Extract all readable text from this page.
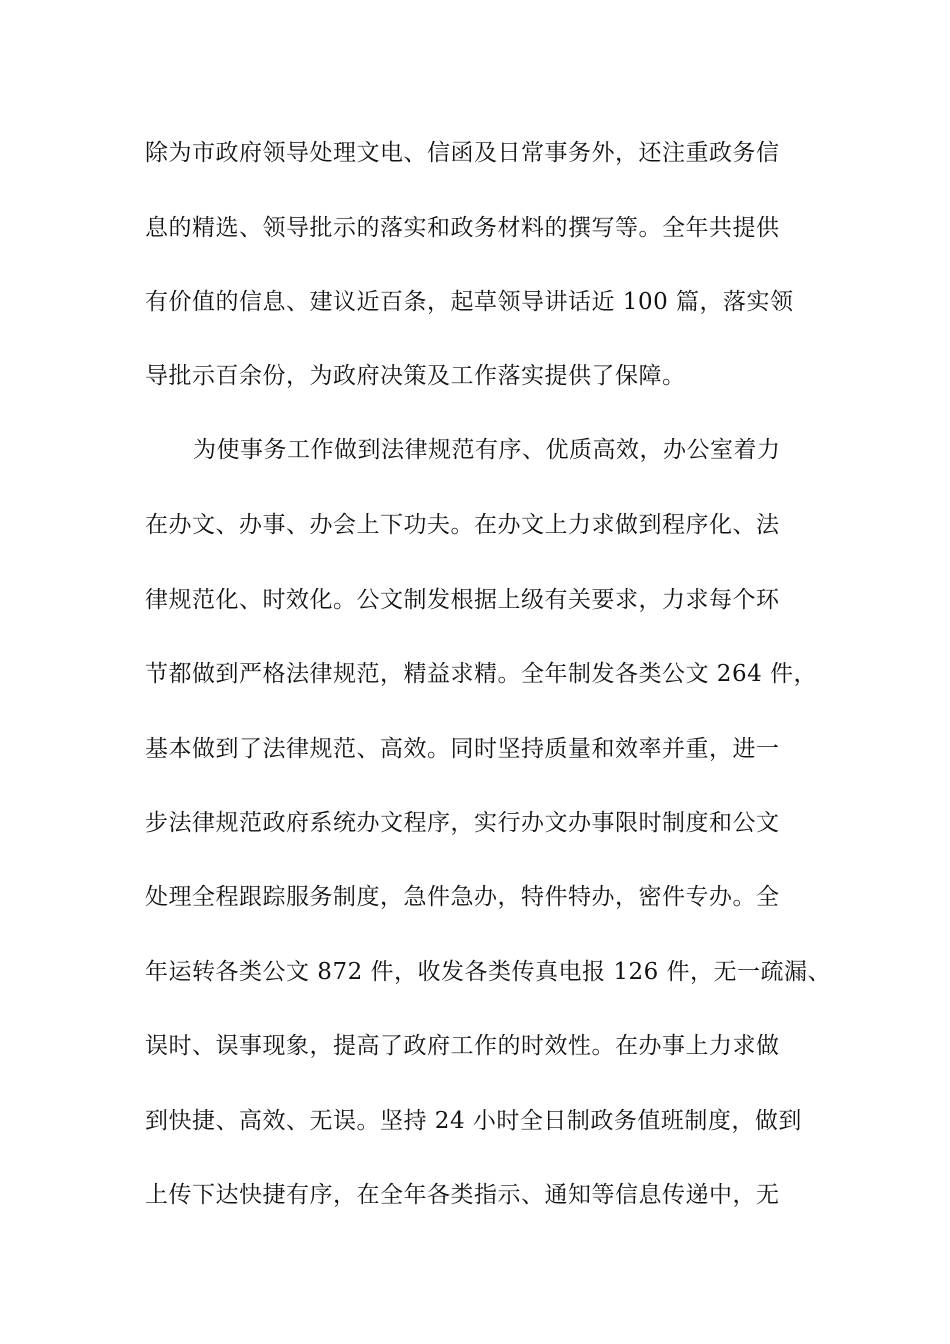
除为市政府领导处理文电、信函及日常事务外，还注重政务信
息的精选、领导批示的落实和政务材料的撰写等。全年共提供
有价值的信息、建议近百条，起草领导讲话近 100 篇，落实领
导批示百余份，为政府决策及工作落实提供了保障。
为使事务工作做到法律规范有序、优质高效，办公室着力
在办文、办事、办会上下功夫。在办文上力求做到程序化、法
律规范化、时效化。公文制发根据上级有关要求，力求每个环
节都做到严格法律规范，精益求精。全年制发各类公文 264 件，
基本做到了法律规范、高效。同时坚持质量和效率并重，进一
步法律规范政府系统办文程序，实行办文办事限时制度和公文
处理全程跟踪服务制度，急件急办，特件特办，密件专办。全
年运转各类公文 872 件，收发各类传真电报 126 件，无一疏漏、
误时、误事现象，提高了政府工作的时效性。在办事上力求做
到快捷、高效、无误。坚持 24 小时全日制政务值班制度，做到
上传下达快捷有序，在全年各类指示、通知等信息传递中，无
